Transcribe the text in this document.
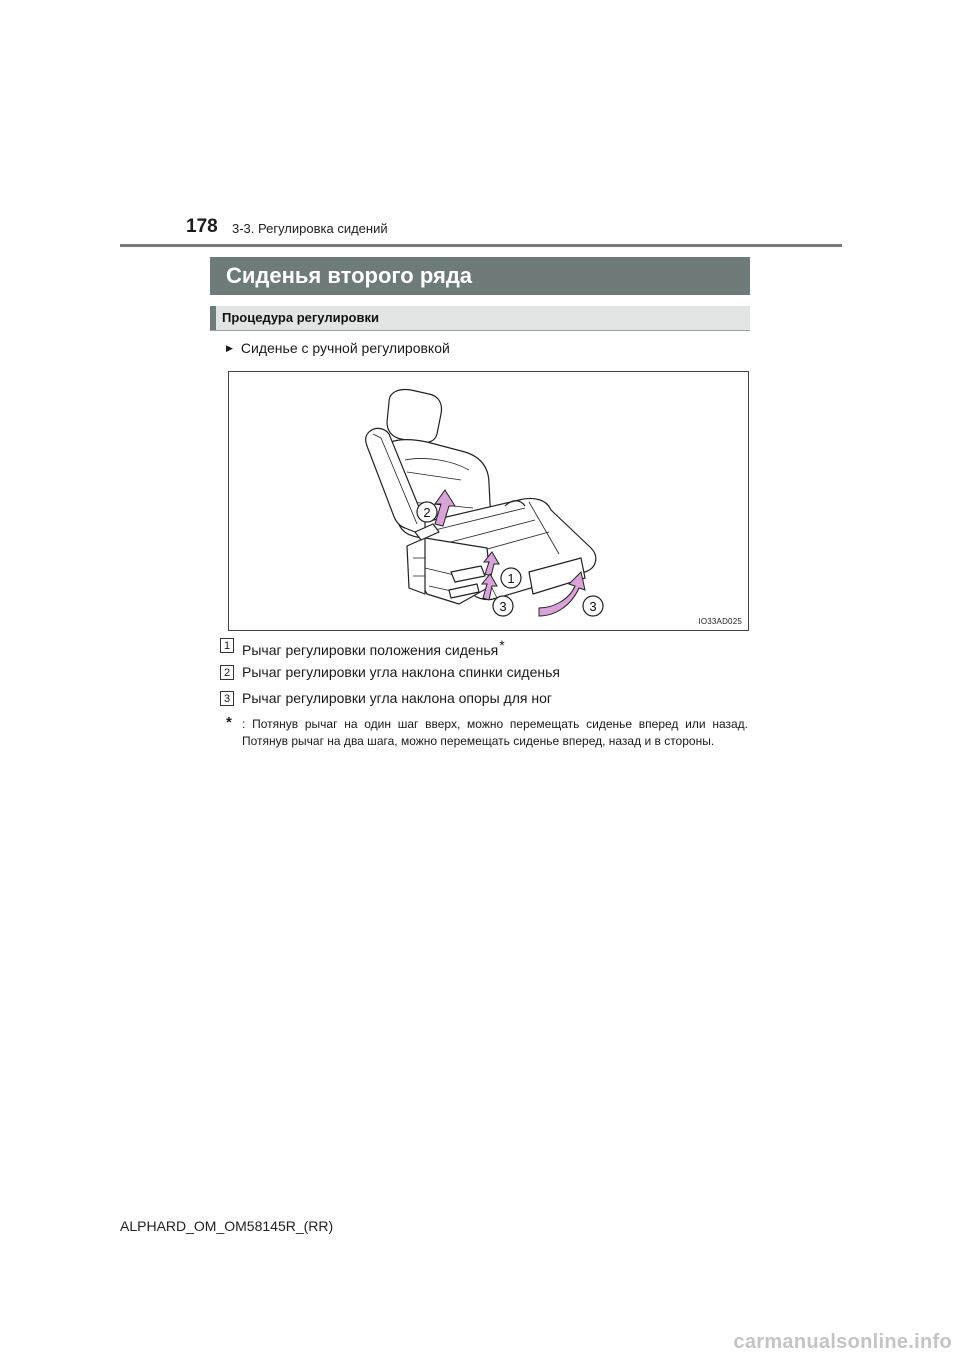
178 3-3. Регулировка сидений
Сиденья второго ряда
Процедура регулировки
▶ Сиденье с ручной регулировкой
2
1
3	3
IO33AD025
1 Рычаг регулировки положения сиденья*
2 Рычаг регулировки угла наклона спинки сиденья
3 Рычаг регулировки угла наклона опоры для ног
* : Потянув рычаг на один шаг вверх, можно перемещать сиденье вперед или назад. Потянув рычаг на два шага, можно перемещать сиденье вперед, назад и в стороны.
ALPHARD_OM_OM58145R_(RR)
carmanualsonline.info
